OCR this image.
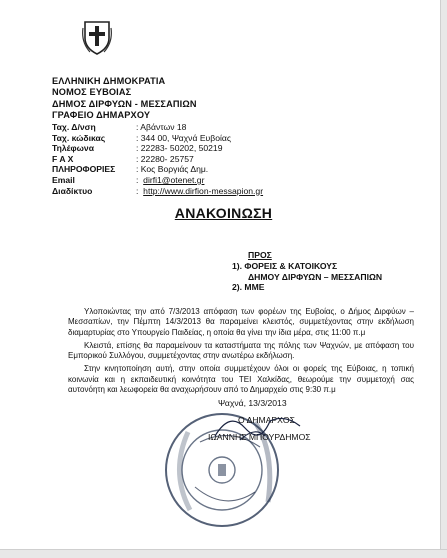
ΕΛΛΗΝΙΚΗ ΔΗΜΟΚΡΑΤΙΑ
ΝΟΜΟΣ ΕΥΒΟΙΑΣ
ΔΗΜΟΣ ΔΙΡΦΥΩΝ - ΜΕΣΣΑΠΙΩΝ
ΓΡΑΦΕΙΟ ΔΗΜΑΡΧΟΥ
Ταχ. Δ/νση	: Αβάντων 18
Ταχ. κώδικας	: 344 00, Ψαχνά Ευβοίας
Τηλέφωνα	: 22283- 50202, 50219
F A X	: 22280- 25757
ΠΛΗΡΟΦΟΡΙΕΣ	: Κος Βοργιάς Δημ.
Email	:  dirfi1@otenet.gr
Διαδίκτυο	:  http://www.dirfion-messapion.gr
ΑΝΑΚΟΙΝΩΣΗ
ΠΡΟΣ
1). ΦΟΡΕΙΣ & ΚΑΤΟΙΚΟΥΣ
ΔΗΜΟΥ ΔΙΡΦΥΩΝ – ΜΕΣΣΑΠΙΩΝ
2). ΜΜΕ

Υλοποιώντας την από 7/3/2013 απόφαση των φορέων της Ευβοίας, ο Δήμος Διρφύων – Μεσσαπίων, την Πέμπτη 14/3/2013 θα παραμείνει κλειστός, συμμετέχοντας στην εκδήλωση διαμαρτυρίας στο Υπουργείο Παιδείας, η οποία θα γίνει την ίδια μέρα, στις 11:00 π.μ

Κλειστά, επίσης θα παραμείνουν τα καταστήματα της πόλης των Ψαχνών, με απόφαση του Εμπορικού Συλλόγου, συμμετέχοντας στην ανωτέρω εκδήλωση.

Στην κινητοποίηση αυτή, στην οποία συμμετέχουν όλοι οι φορείς της Εύβοιας, η τοπική κοινωνία και η εκπαιδευτική κοινότητα του ΤΕΙ Χαλκίδας, θεωρούμε την συμμετοχή σας αυτονόητη και λεωφορεία θα αναχωρήσουν από το Δημαρχείο στις 9:30 π.μ

Ψαχνά, 13/3/2013
Ο ΔΗΜΑΡΧΟΣ
ΙΩΑΝΝΗΣ ΜΠΟΥΡΔΗΜΟΣ
